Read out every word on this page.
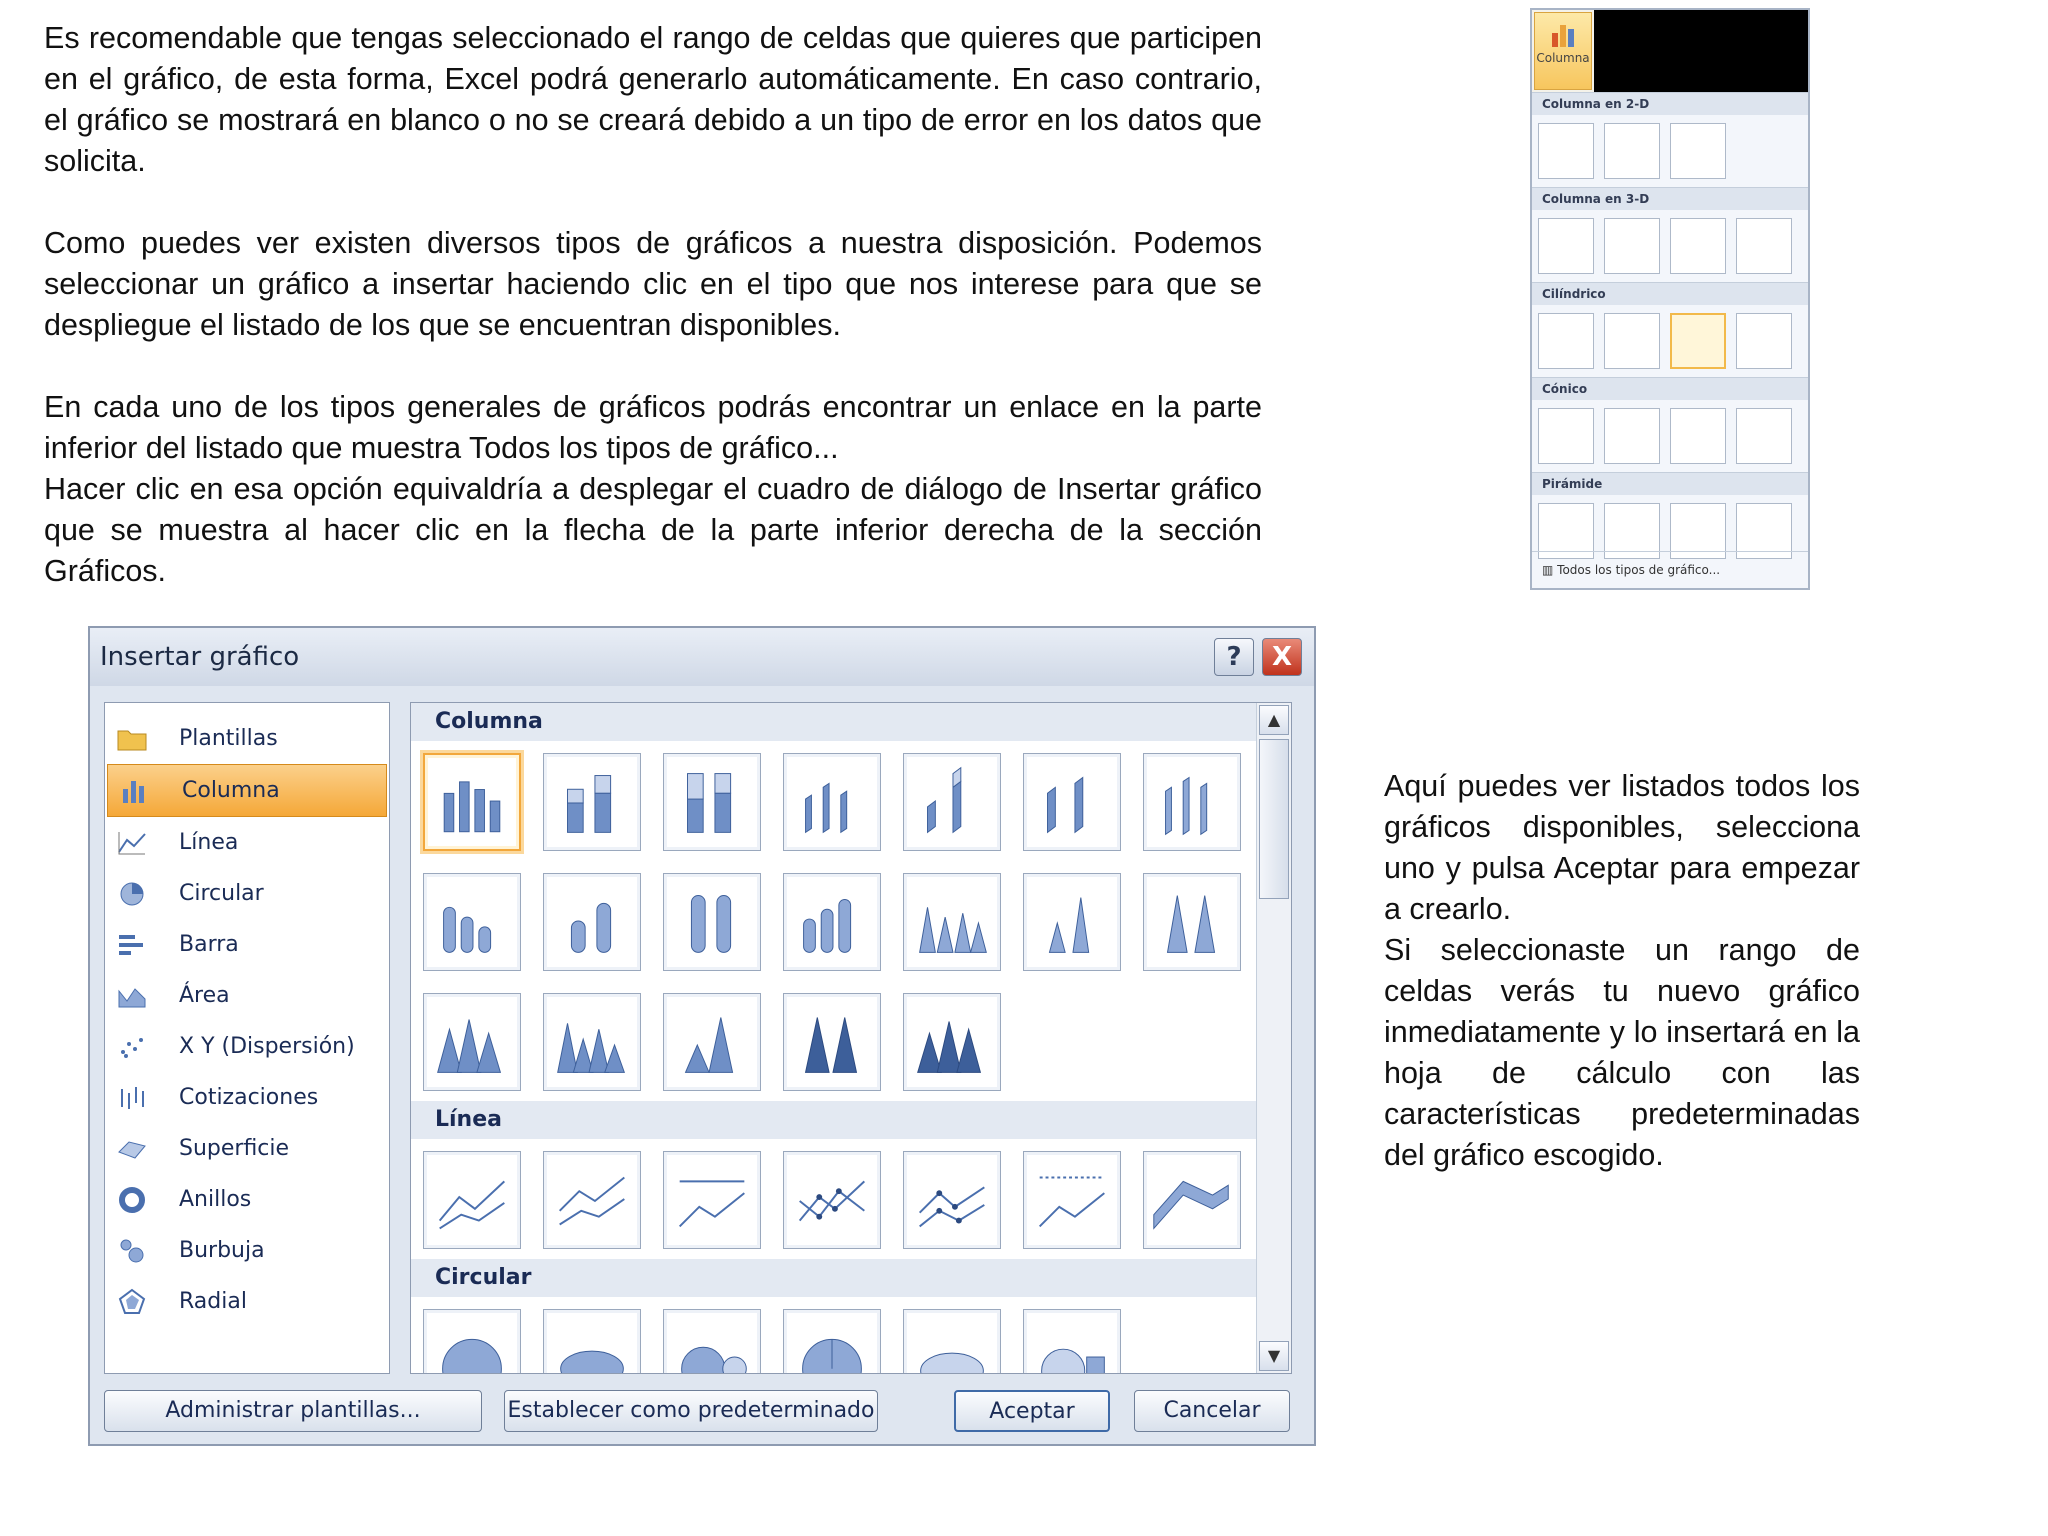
Es recomendable que tengas seleccionado el rango de celdas que quieres que participen en el gráfico, de esta forma, Excel podrá generarlo automáticamente. En caso contrario, el gráfico se mostrará en blanco o no se creará debido a un tipo de error en los datos que solicita.

Como puedes ver existen diversos tipos de gráficos a nuestra disposición. Podemos seleccionar un gráfico a insertar haciendo clic en el tipo que nos interese para que se despliegue el listado de los que se encuentran disponibles.

En cada uno de los tipos generales de gráficos podrás encontrar un enlace en la parte inferior del listado que muestra Todos los tipos de gráfico...

Hacer clic en esa opción equivaldría a desplegar el cuadro de diálogo de Insertar gráfico que se muestra al hacer clic en la flecha de la parte inferior derecha de la sección Gráficos.

Columna
Columna en 2-D
Columna en 3-D
Cilíndrico
Cónico
Pirámide
▥ Todos los tipos de gráfico...
Insertar gráfico	?	X
Plantillas
Columna
Línea
Circular
Barra
Área
X Y (Dispersión)
Cotizaciones
Superficie
Anillos
Burbuja
Radial
Columna
Línea
Circular
▲
▼
Administrar plantillas...	Establecer como predeterminado	Aceptar	Cancelar

Aquí puedes ver listados todos los gráficos disponibles, selecciona uno y pulsa Aceptar para empezar a crearlo.

Si seleccionaste un rango de celdas verás tu nuevo gráfico inmediatamente y lo insertará en la hoja de cálculo con las características predeterminadas del gráfico escogido.
